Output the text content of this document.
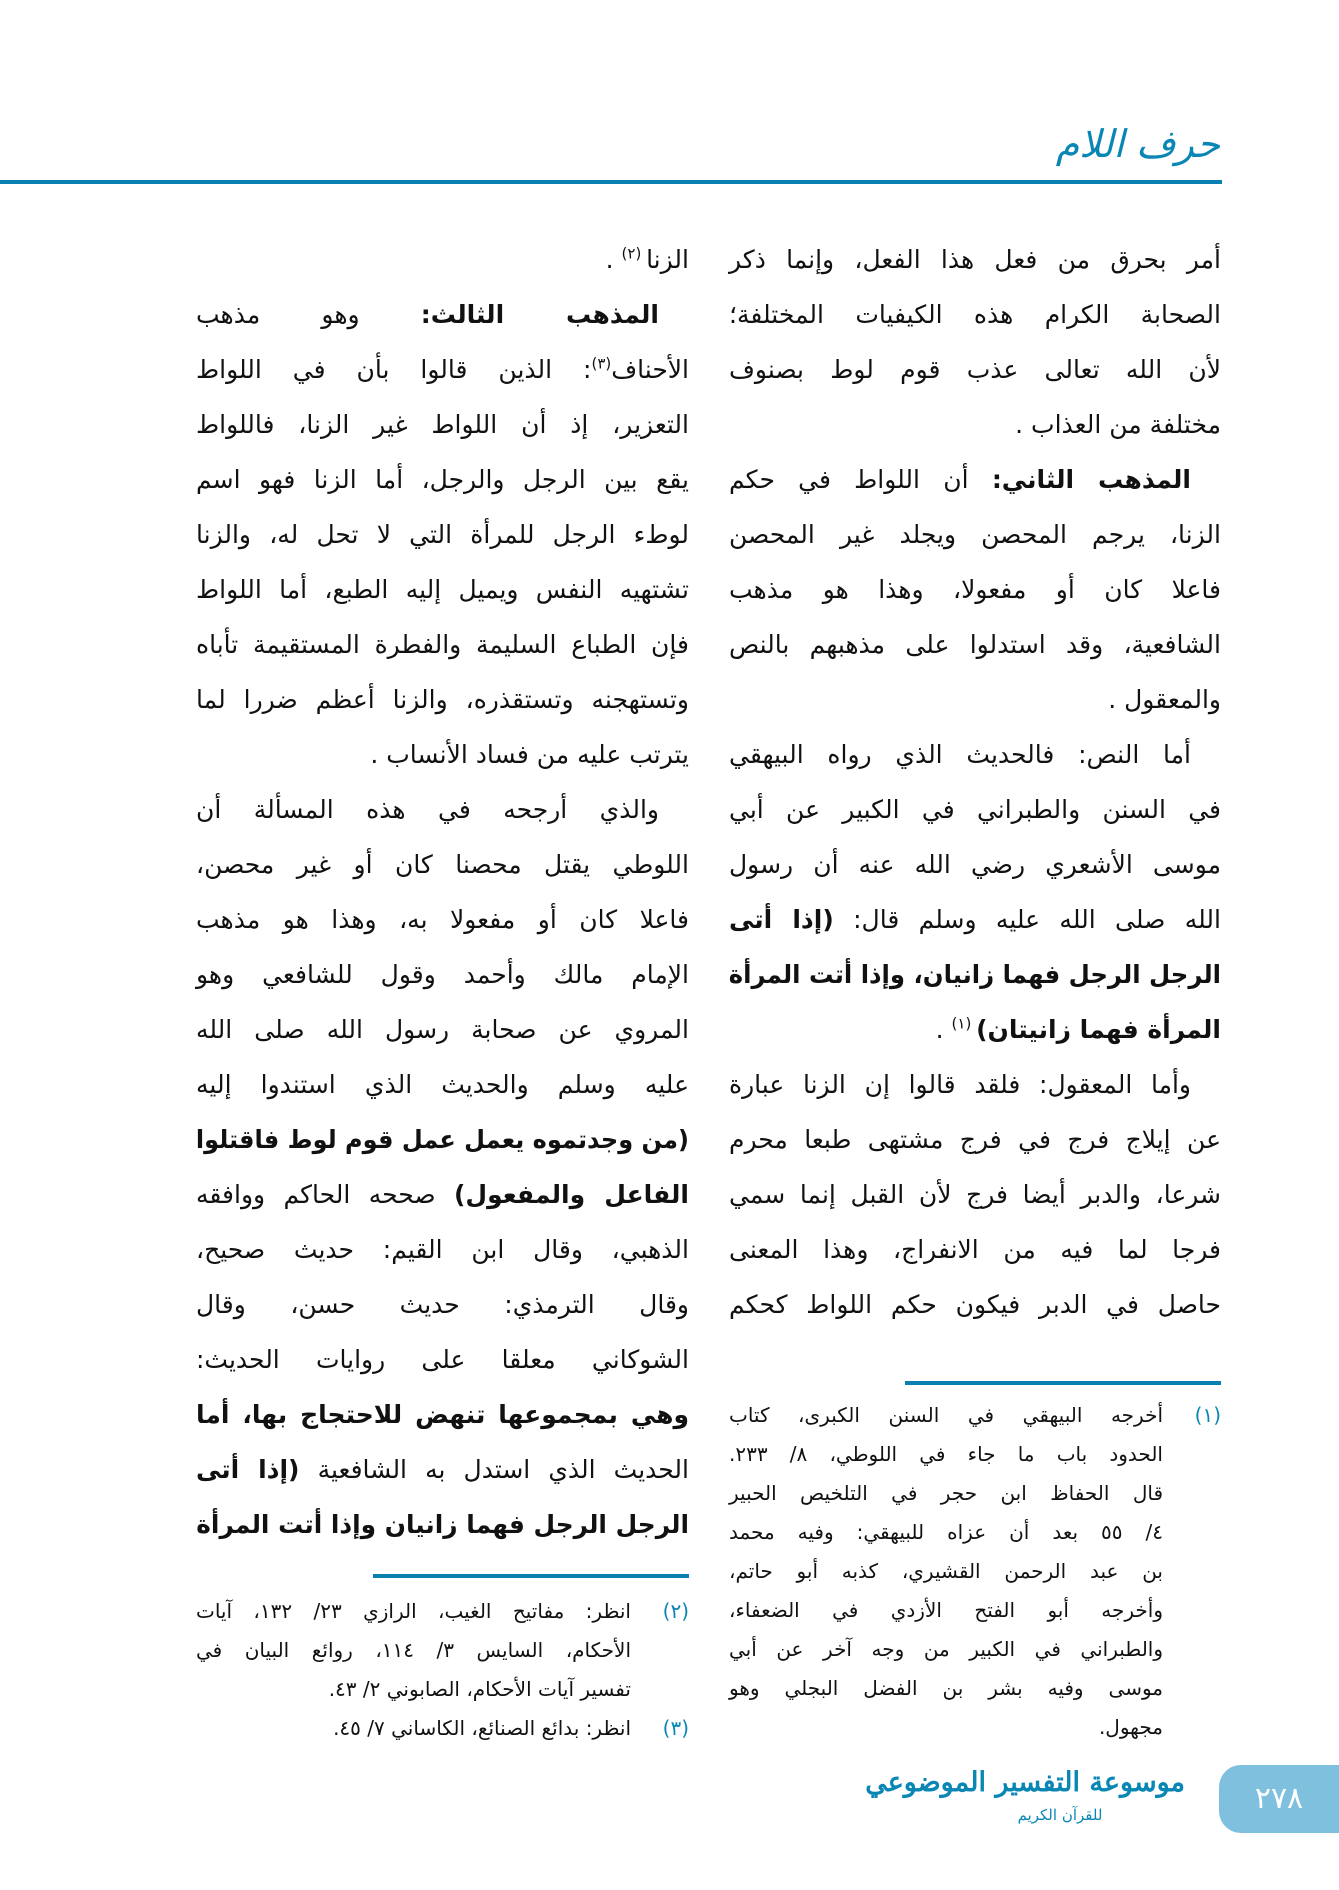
حرف اللام
أمر بحرق من فعل هذا الفعل، وإنما ذكر
الصحابة الكرام هذه الكيفيات المختلفة؛
لأن الله تعالى عذب قوم لوط بصنوف
مختلفة من العذاب .
المذهب الثاني: أن اللواط في حكم
الزنا، يرجم المحصن ويجلد غير المحصن
فاعلا كان أو مفعولا، وهذا هو مذهب
الشافعية، وقد استدلوا على مذهبهم بالنص
والمعقول .
أما النص: فالحديث الذي رواه البيهقي
في السنن والطبراني في الكبير عن أبي
موسى الأشعري رضي الله عنه أن رسول
الله صلى الله عليه وسلم قال: (إذا أتى
الرجل الرجل فهما زانيان، وإذا أتت المرأة
المرأة فهما زانيتان) $^{(١)}$ .
وأما المعقول: فلقد قالوا إن الزنا عبارة
عن إيلاج فرج في فرج مشتهى طبعا محرم
شرعا، والدبر أيضا فرج لأن القبل إنما سمي
فرجا لما فيه من الانفراج، وهذا المعنى
حاصل في الدبر فيكون حكم اللواط كحكم
الزنا $^{(٢)}$ .
المذهب الثالث: وهو مذهب
الأحناف$^{(٣)}$: الذين قالوا بأن في اللواط
التعزير، إذ أن اللواط غير الزنا، فاللواط
يقع بين الرجل والرجل، أما الزنا فهو اسم
لوطء الرجل للمرأة التي لا تحل له، والزنا
تشتهيه النفس ويميل إليه الطبع، أما اللواط
فإن الطباع السليمة والفطرة المستقيمة تأباه
وتستهجنه وتستقذره، والزنا أعظم ضررا لما
يترتب عليه من فساد الأنساب .
والذي أرجحه في هذه المسألة أن
اللوطي يقتل محصنا كان أو غير محصن،
فاعلا كان أو مفعولا به، وهذا هو مذهب
الإمام مالك وأحمد وقول للشافعي وهو
المروي عن صحابة رسول الله صلى الله
عليه وسلم والحديث الذي استندوا إليه
(من وجدتموه يعمل عمل قوم لوط فاقتلوا
الفاعل والمفعول) صححه الحاكم ووافقه
الذهبي، وقال ابن القيم: حديث صحيح،
وقال الترمذي: حديث حسن، وقال
الشوكاني معلقا على روايات الحديث:
وهي بمجموعها تنهض للاحتجاج بها، أما
الحديث الذي استدل به الشافعية (إذا أتى
الرجل الرجل فهما زانيان وإذا أتت المرأة
(١)
أخرجه البيهقي في السنن الكبرى، كتاب
الحدود باب ما جاء في اللوطي، ٨/ ٢٣٣.
قال الحفاظ ابن حجر في التلخيص الحبير
٤/ ٥٥ بعد أن عزاه للبيهقي: وفيه محمد
بن عبد الرحمن القشيري، كذبه أبو حاتم،
وأخرجه أبو الفتح الأزدي في الضعفاء،
والطبراني في الكبير من وجه آخر عن أبي
موسى وفيه بشر بن الفضل البجلي وهو
مجهول.
(٢)
انظر: مفاتيح الغيب، الرازي ٢٣/ ١٣٢، آيات
الأحكام، السايس ٣/ ١١٤، روائع البيان في
تفسير آيات الأحكام، الصابوني ٢/ ٤٣.
(٣)
انظر: بدائع الصنائع، الكاساني ٧/ ٤٥.
موسوعة التفسير الموضوعي
للقرآن الكريم	٢٧٨
